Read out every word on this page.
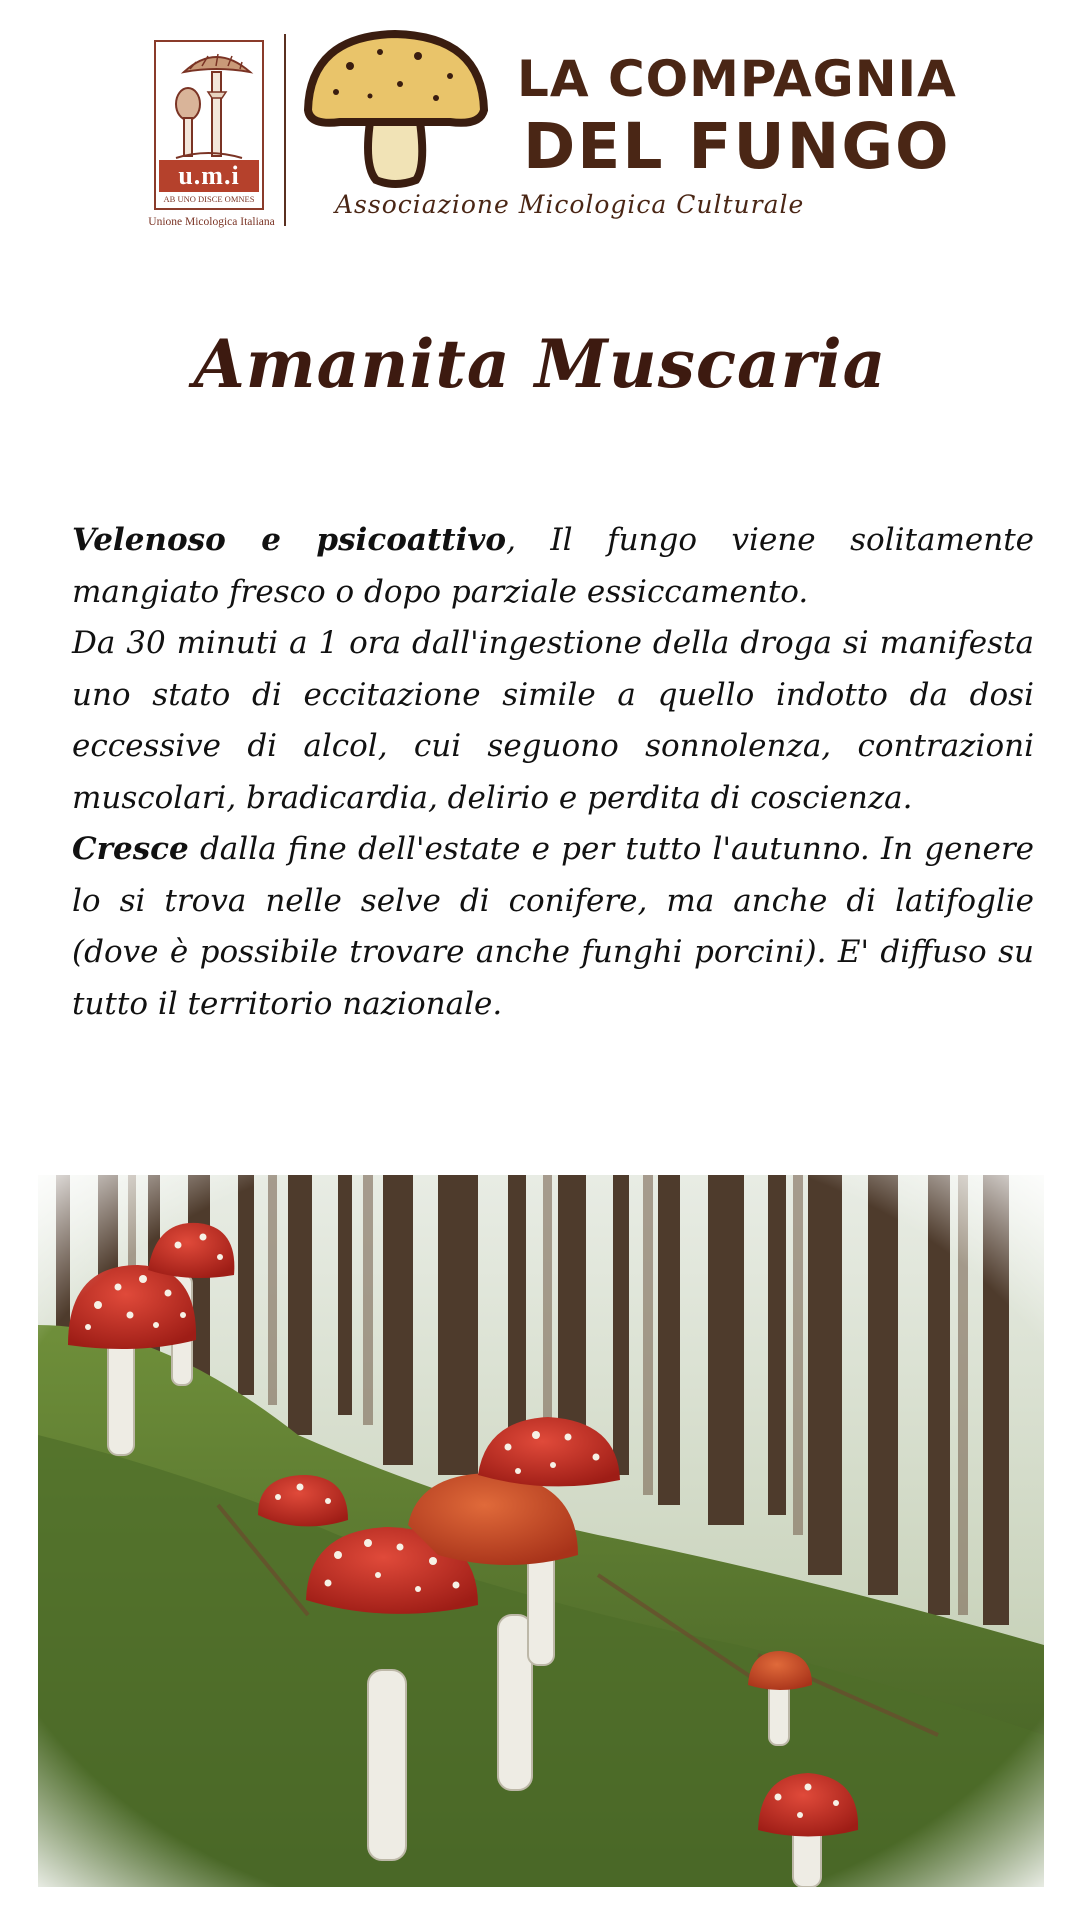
u.m.i
AB UNO DISCE OMNES
Unione Micologica Italiana
LA COMPAGNIA
DEL FUNGO
Associazione Micologica Culturale
Amanita Muscaria

Velenoso e psicoattivo, Il fungo viene solitamente mangiato fresco o dopo parziale essiccamento.

Da 30 minuti a 1 ora dall'ingestione della droga si manifesta uno stato di eccitazione simile a quello indotto da dosi eccessive di alcol, cui seguono sonnolenza, contrazioni muscolari, bradicardia, delirio e perdita di coscienza.

Cresce dalla fine dell'estate e per tutto l'autunno. In genere lo si trova nelle selve di conifere, ma anche di latifoglie (dove è possibile trovare anche funghi porcini). E' diffuso su tutto il territorio nazionale.
